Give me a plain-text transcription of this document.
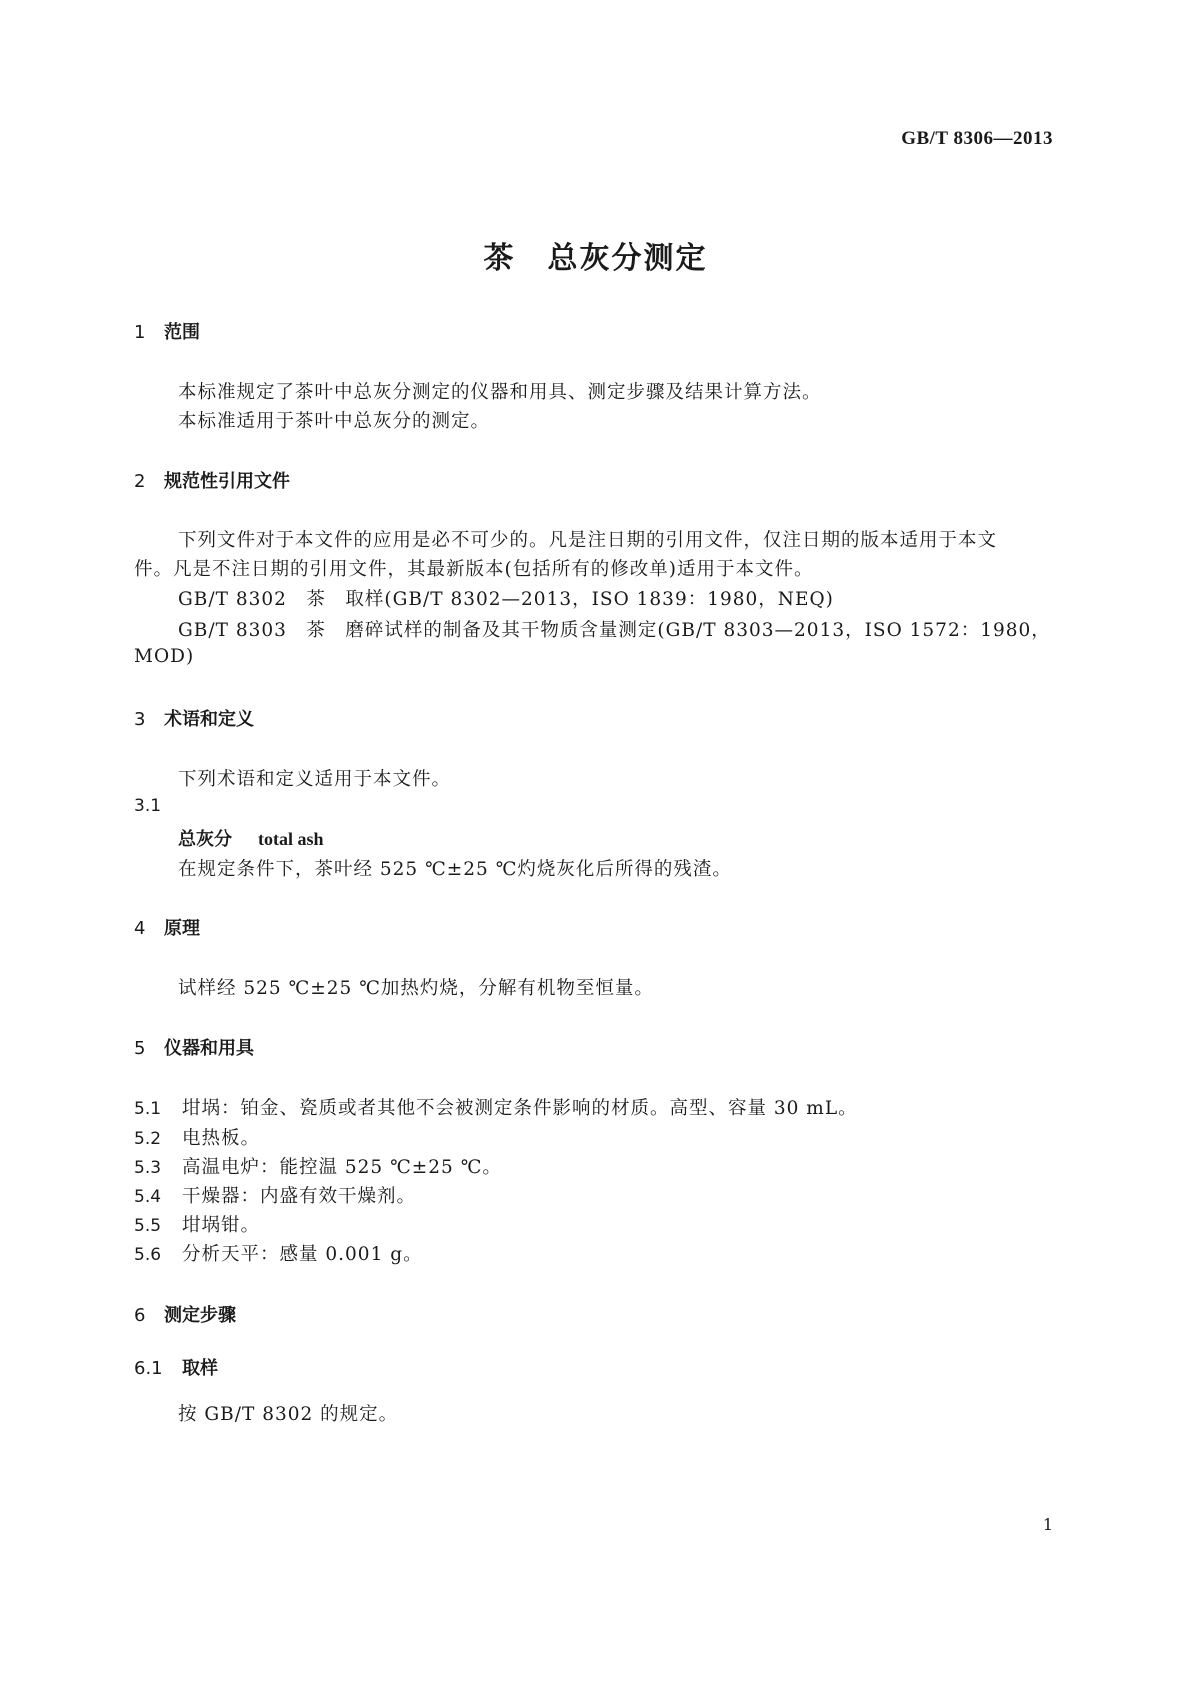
GB/T 8306—2013
茶　总灰分测定
1 范围
本标准规定了茶叶中总灰分测定的仪器和用具、测定步骤及结果计算方法。
本标准适用于茶叶中总灰分的测定。
2 规范性引用文件
下列文件对于本文件的应用是必不可少的。凡是注日期的引用文件，仅注日期的版本适用于本文
件。凡是不注日期的引用文件，其最新版本(包括所有的修改单)适用于本文件。
GB/T 8302　茶　取样(GB/T 8302—2013，ISO 1839：1980，NEQ)
GB/T 8303　茶　磨碎试样的制备及其干物质含量测定(GB/T 8303—2013，ISO 1572：1980，
MOD)
3 术语和定义
下列术语和定义适用于本文件。
3.1
总灰分 total ash
在规定条件下，茶叶经 525 ℃±25 ℃灼烧灰化后所得的残渣。
4 原理
试样经 525 ℃±25 ℃加热灼烧，分解有机物至恒量。
5 仪器和用具
5.1 坩埚：铂金、瓷质或者其他不会被测定条件影响的材质。高型、容量 30 mL。
5.2 电热板。
5.3 高温电炉：能控温 525 ℃±25 ℃。
5.4 干燥器：内盛有效干燥剂。
5.5 坩埚钳。
5.6 分析天平：感量 0.001 g。
6 测定步骤
6.1 取样
按 GB/T 8302 的规定。
1
